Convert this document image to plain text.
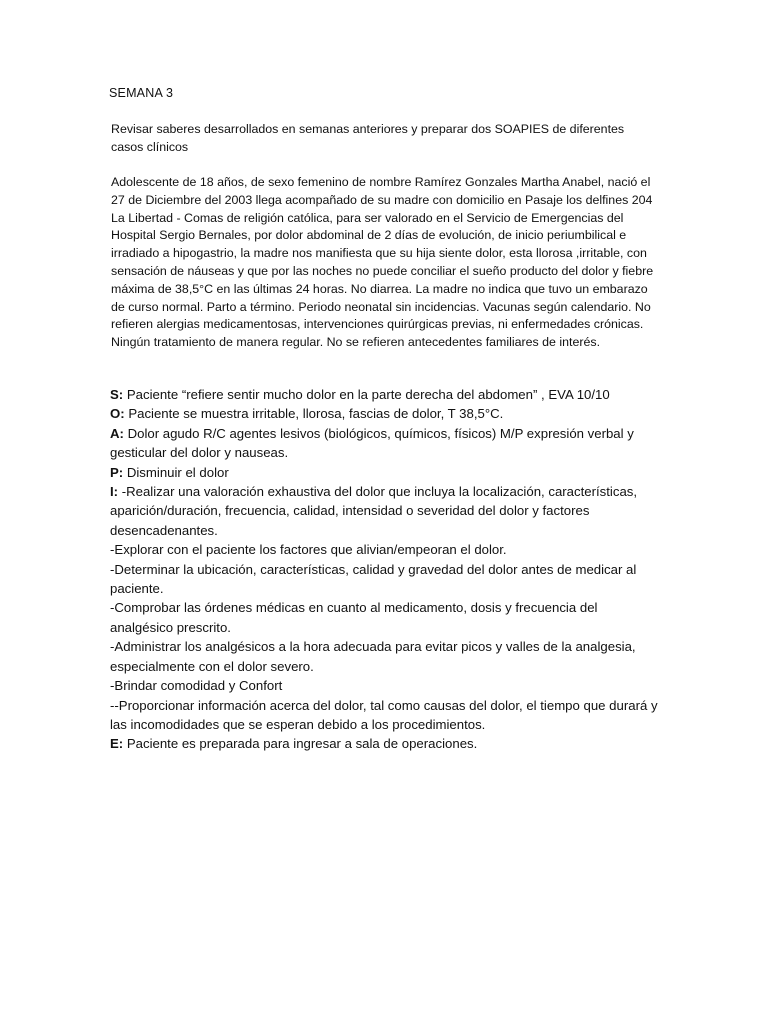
SEMANA 3

Revisar saberes desarrollados en semanas anteriores y preparar dos SOAPIES de diferentes casos clínicos

Adolescente de 18 años, de sexo femenino de nombre Ramírez Gonzales Martha Anabel, nació el 27 de Diciembre del 2003 llega acompañado de su madre con domicilio en Pasaje los delfines 204 La Libertad - Comas de religión católica, para ser valorado en el Servicio de Emergencias del Hospital Sergio Bernales, por dolor abdominal de 2 días de evolución, de inicio periumbilical e irradiado a hipogastrio, la madre nos manifiesta que su hija siente dolor, esta llorosa ,irritable, con sensación de náuseas y que por las noches no puede conciliar el sueño producto del dolor y fiebre máxima de 38,5°C en las últimas 24 horas. No diarrea. La madre no indica que tuvo un embarazo de curso normal. Parto a término. Periodo neonatal sin incidencias. Vacunas según calendario. No refieren alergias medicamentosas, intervenciones quirúrgicas previas, ni enfermedades crónicas. Ningún tratamiento de manera regular. No se refieren antecedentes familiares de interés.

S: Paciente “refiere sentir mucho dolor en la parte derecha del abdomen” , EVA 10/10

O: Paciente se muestra irritable, llorosa, fascias de dolor, T 38,5°C.

A: Dolor agudo R/C agentes lesivos (biológicos, químicos, físicos) M/P expresión verbal y gesticular del dolor y nauseas.

P: Disminuir el dolor

I: -Realizar una valoración exhaustiva del dolor que incluya la localización, características, aparición/duración, frecuencia, calidad, intensidad o severidad del dolor y factores desencadenantes.

-Explorar con el paciente los factores que alivian/empeoran el dolor.

-Determinar la ubicación, características, calidad y gravedad del dolor antes de medicar al paciente.

-Comprobar las órdenes médicas en cuanto al medicamento, dosis y frecuencia del analgésico prescrito.

-Administrar los analgésicos a la hora adecuada para evitar picos y valles de la analgesia, especialmente con el dolor severo.

-Brindar comodidad y Confort

--Proporcionar información acerca del dolor, tal como causas del dolor, el tiempo que durará y las incomodidades que se esperan debido a los procedimientos.

E: Paciente es preparada para ingresar a sala de operaciones.
